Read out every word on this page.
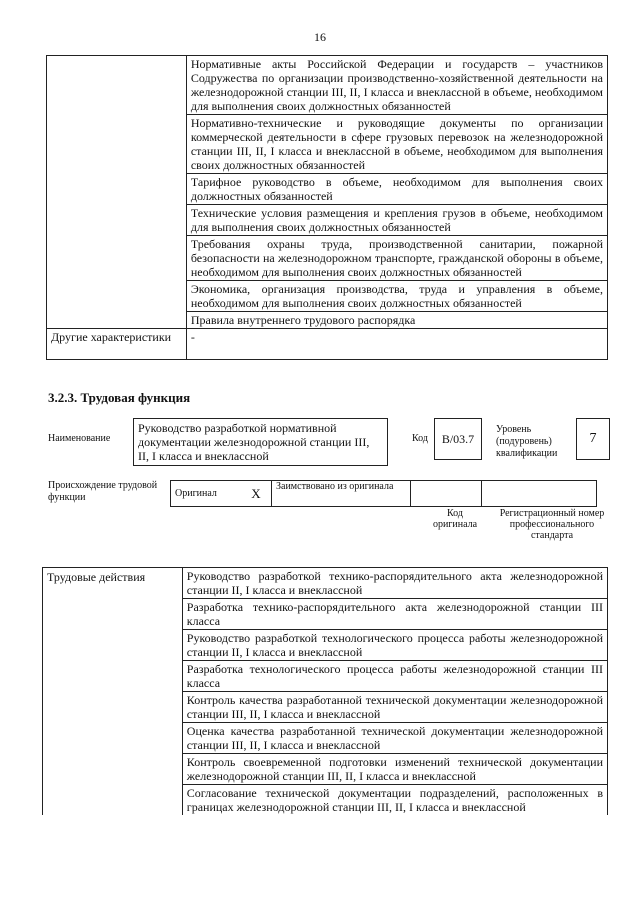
16
	Нормативные акты Российской Федерации и государств – участников Содружества по организации производственно-хозяйственной деятельности на железнодорожной станции III, II, I класса и внеклассной в объеме, необходимом для выполнения своих должностных обязанностей
	Нормативно-технические и руководящие документы по организации коммерческой деятельности в сфере грузовых перевозок на железнодорожной станции III, II, I класса и внеклассной в объеме, необходимом для выполнения своих должностных обязанностей
	Тарифное руководство в объеме, необходимом для выполнения своих должностных обязанностей
	Технические условия размещения и крепления грузов в объеме, необходимом для выполнения своих должностных обязанностей
	Требования охраны труда, производственной санитарии, пожарной безопасности на железнодорожном транспорте, гражданской обороны в объеме, необходимом для выполнения своих должностных обязанностей
	Экономика, организация производства, труда и управления в объеме, необходимом для выполнения своих должностных обязанностей
	Правила внутреннего трудового распорядка
Другие характеристики	-
3.2.3. Трудовая функция
Наименование
Руководство разработкой нормативной документации железнодорожной станции III, II, I класса и внеклассной
Код	B/03.7
Уровень (подуровень) квалификации
7
Происхождение трудовой функции	Оригинал	X	Заимствовано из оригинала		
Код оригинала
Регистрационный номер профессионального стандарта
Трудовые действия	Руководство разработкой технико-распорядительного акта железнодорожной станции II, I класса и внеклассной
Разработка технико-распорядительного акта железнодорожной станции III класса
Руководство разработкой технологического процесса работы железнодорожной станции II, I класса и внеклассной
Разработка технологического процесса работы железнодорожной станции III класса
Контроль качества разработанной технической документации железнодорожной станции III, II, I класса и внеклассной
Оценка качества разработанной технической документации железнодорожной станции III, II, I класса и внеклассной
Контроль своевременной подготовки изменений технической документации железнодорожной станции III, II, I класса и внеклассной
Согласование технической документации подразделений, расположенных в границах железнодорожной станции III, II, I класса и внеклассной
